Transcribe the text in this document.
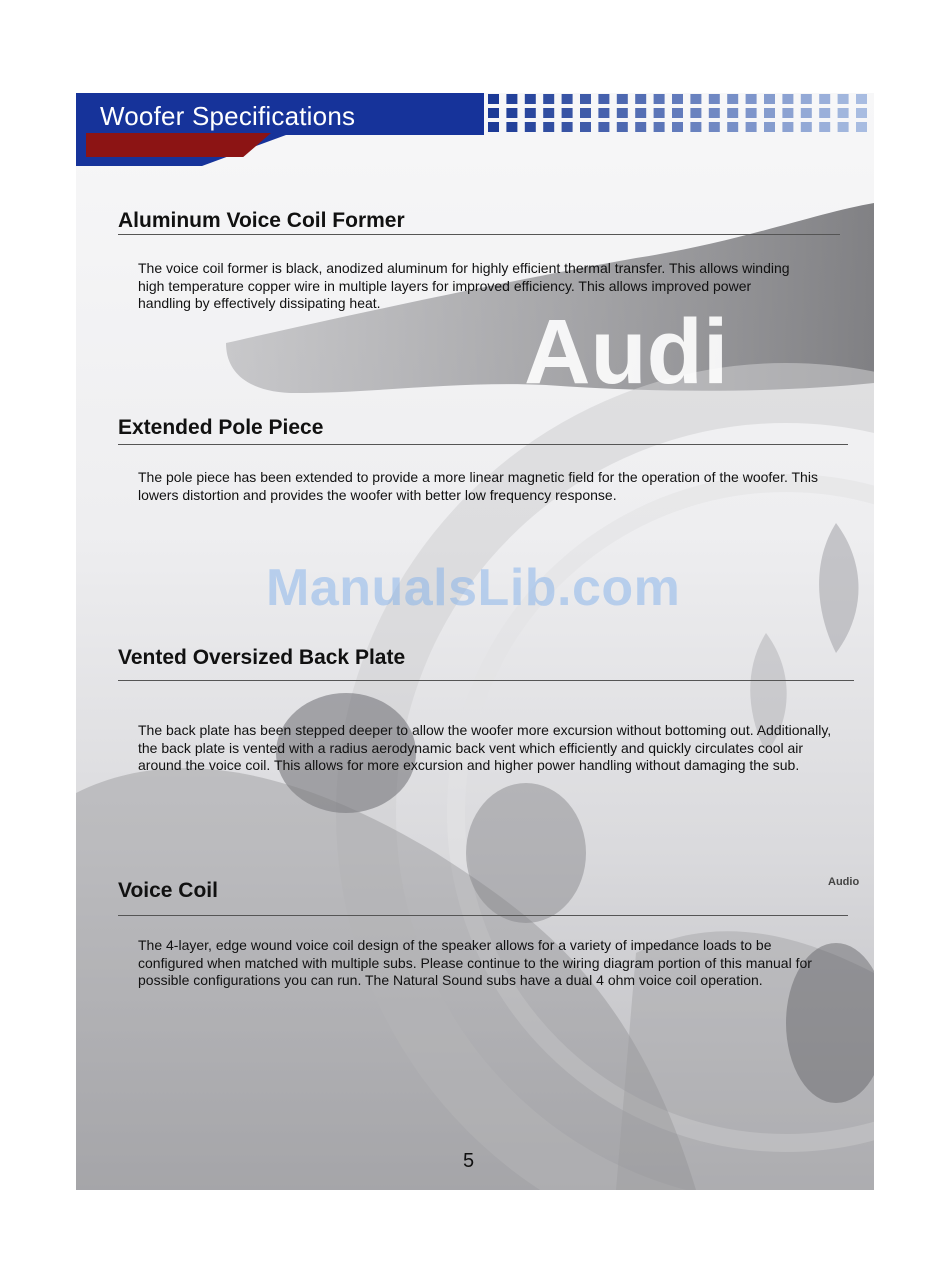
Audi
Audio
Woofer Specifications
Aluminum Voice Coil Former
The voice coil former is black, anodized aluminum for highly efficient thermal transfer. This allows winding
high temperature copper wire in multiple layers for improved efficiency. This allows improved power
handling by effectively dissipating heat.
Extended Pole Piece
The pole piece has been extended to provide a more linear magnetic field for the operation of the woofer. This
lowers distortion and provides the woofer with better low frequency response.
ManualsLib.com
Vented Oversized Back Plate
The back plate has been stepped deeper to allow the woofer more excursion without bottoming out. Additionally,
the back plate is vented with a radius aerodynamic back vent which efficiently and quickly circulates cool air
around the voice coil. This allows for more excursion and higher power handling without damaging the sub.
Voice Coil
The 4-layer, edge wound voice coil design of the speaker allows for a variety of impedance loads to be
configured when matched with multiple subs. Please continue to the wiring diagram portion of this manual for
possible configurations you can run. The Natural Sound subs have a dual 4 ohm voice coil operation.
5
